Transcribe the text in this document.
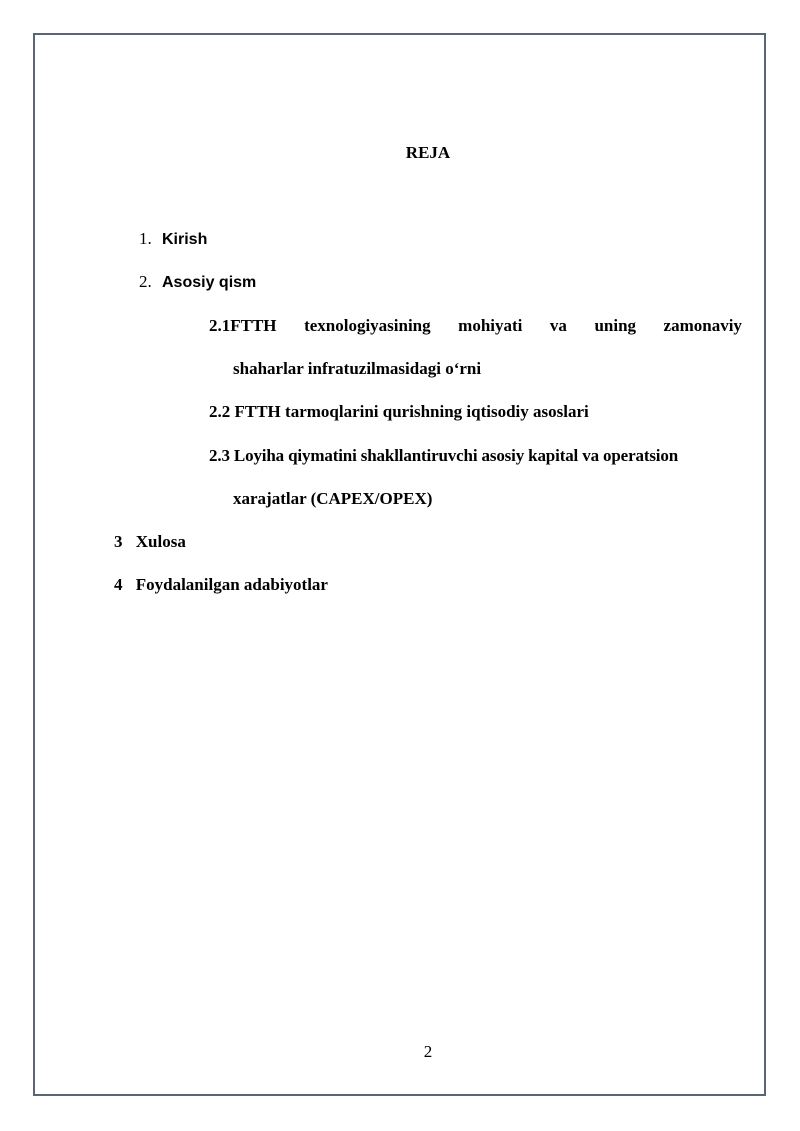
REJA
1. Kirish
2. Asosiy qism
2.1FTTH texnologiyasining mohiyati va uning zamonaviy
shaharlar infratuzilmasidagi o‘rni
2.2 FTTH tarmoqlarini qurishning iqtisodiy asoslari
2.3 Loyiha qiymatini shakllantiruvchi asosiy kapital va operatsion
xarajatlar (CAPEX/OPEX)
3 Xulosa
4 Foydalanilgan adabiyotlar
2
